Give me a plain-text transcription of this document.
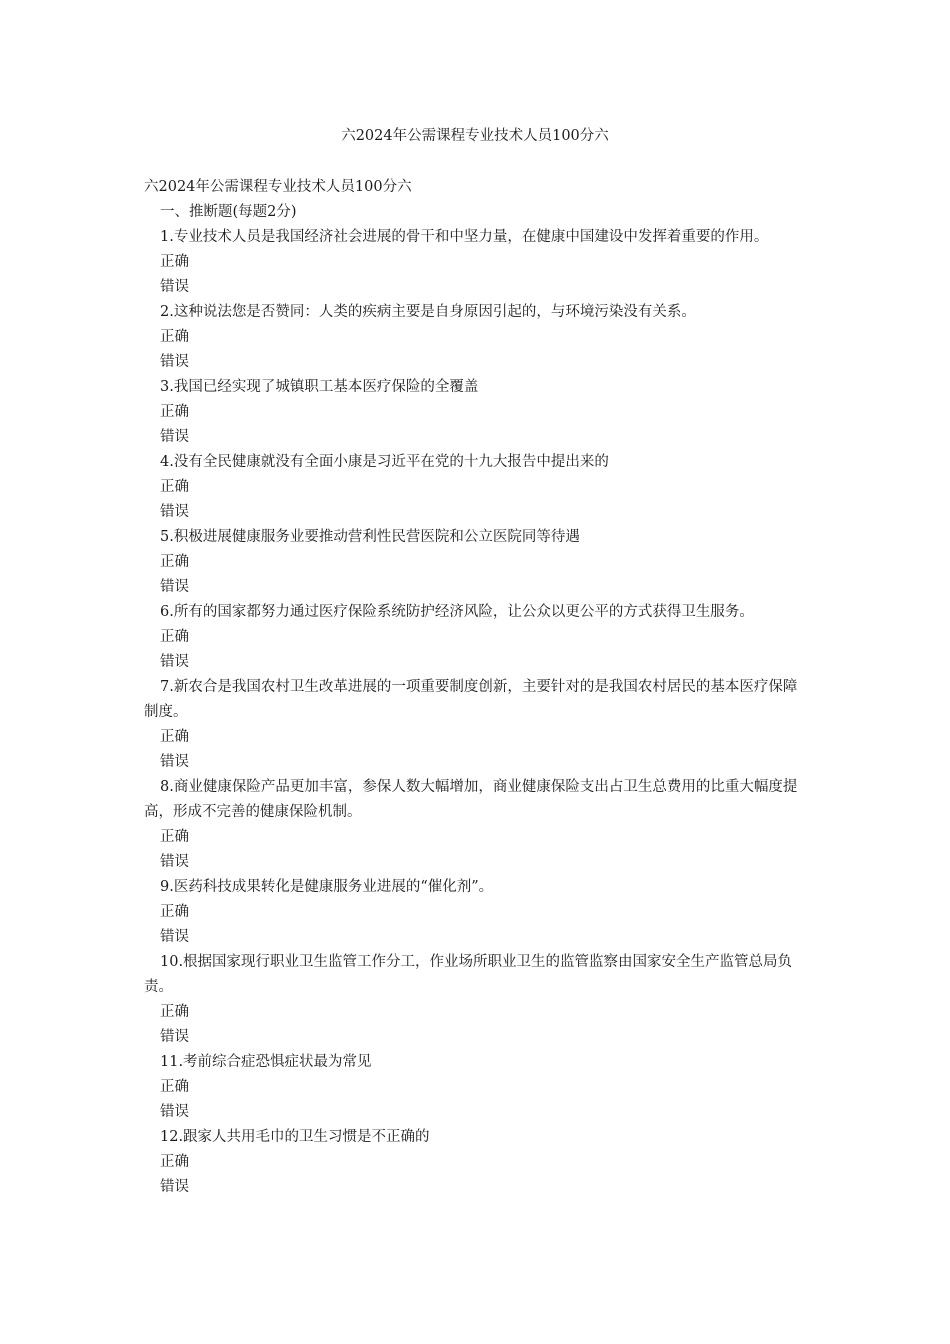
六2024年公需课程专业技术人员100分六

六2024年公需课程专业技术人员100分六

一、推断题(每题2分)

1.专业技术人员是我国经济社会进展的骨干和中坚力量，在健康中国建设中发挥着重要的作用。

正确

错误

2.这种说法您是否赞同：人类的疾病主要是自身原因引起的，与环境污染没有关系。

正确

错误

3.我国已经实现了城镇职工基本医疗保险的全覆盖

正确

错误

4.没有全民健康就没有全面小康是习近平在党的十九大报告中提出来的

正确

错误

5.积极进展健康服务业要推动营利性民营医院和公立医院同等待遇

正确

错误

6.所有的国家都努力通过医疗保险系统防护经济风险，让公众以更公平的方式获得卫生服务。

正确

错误

7.新农合是我国农村卫生改革进展的一项重要制度创新，主要针对的是我国农村居民的基本医疗保障制度。

正确

错误

8.商业健康保险产品更加丰富，参保人数大幅增加，商业健康保险支出占卫生总费用的比重大幅度提高，形成不完善的健康保险机制。

正确

错误

9.医药科技成果转化是健康服务业进展的“催化剂”。

正确

错误

10.根据国家现行职业卫生监管工作分工，作业场所职业卫生的监管监察由国家安全生产监管总局负责。

正确

错误

11.考前综合症恐惧症状最为常见

正确

错误

12.跟家人共用毛巾的卫生习惯是不正确的

正确

错误
